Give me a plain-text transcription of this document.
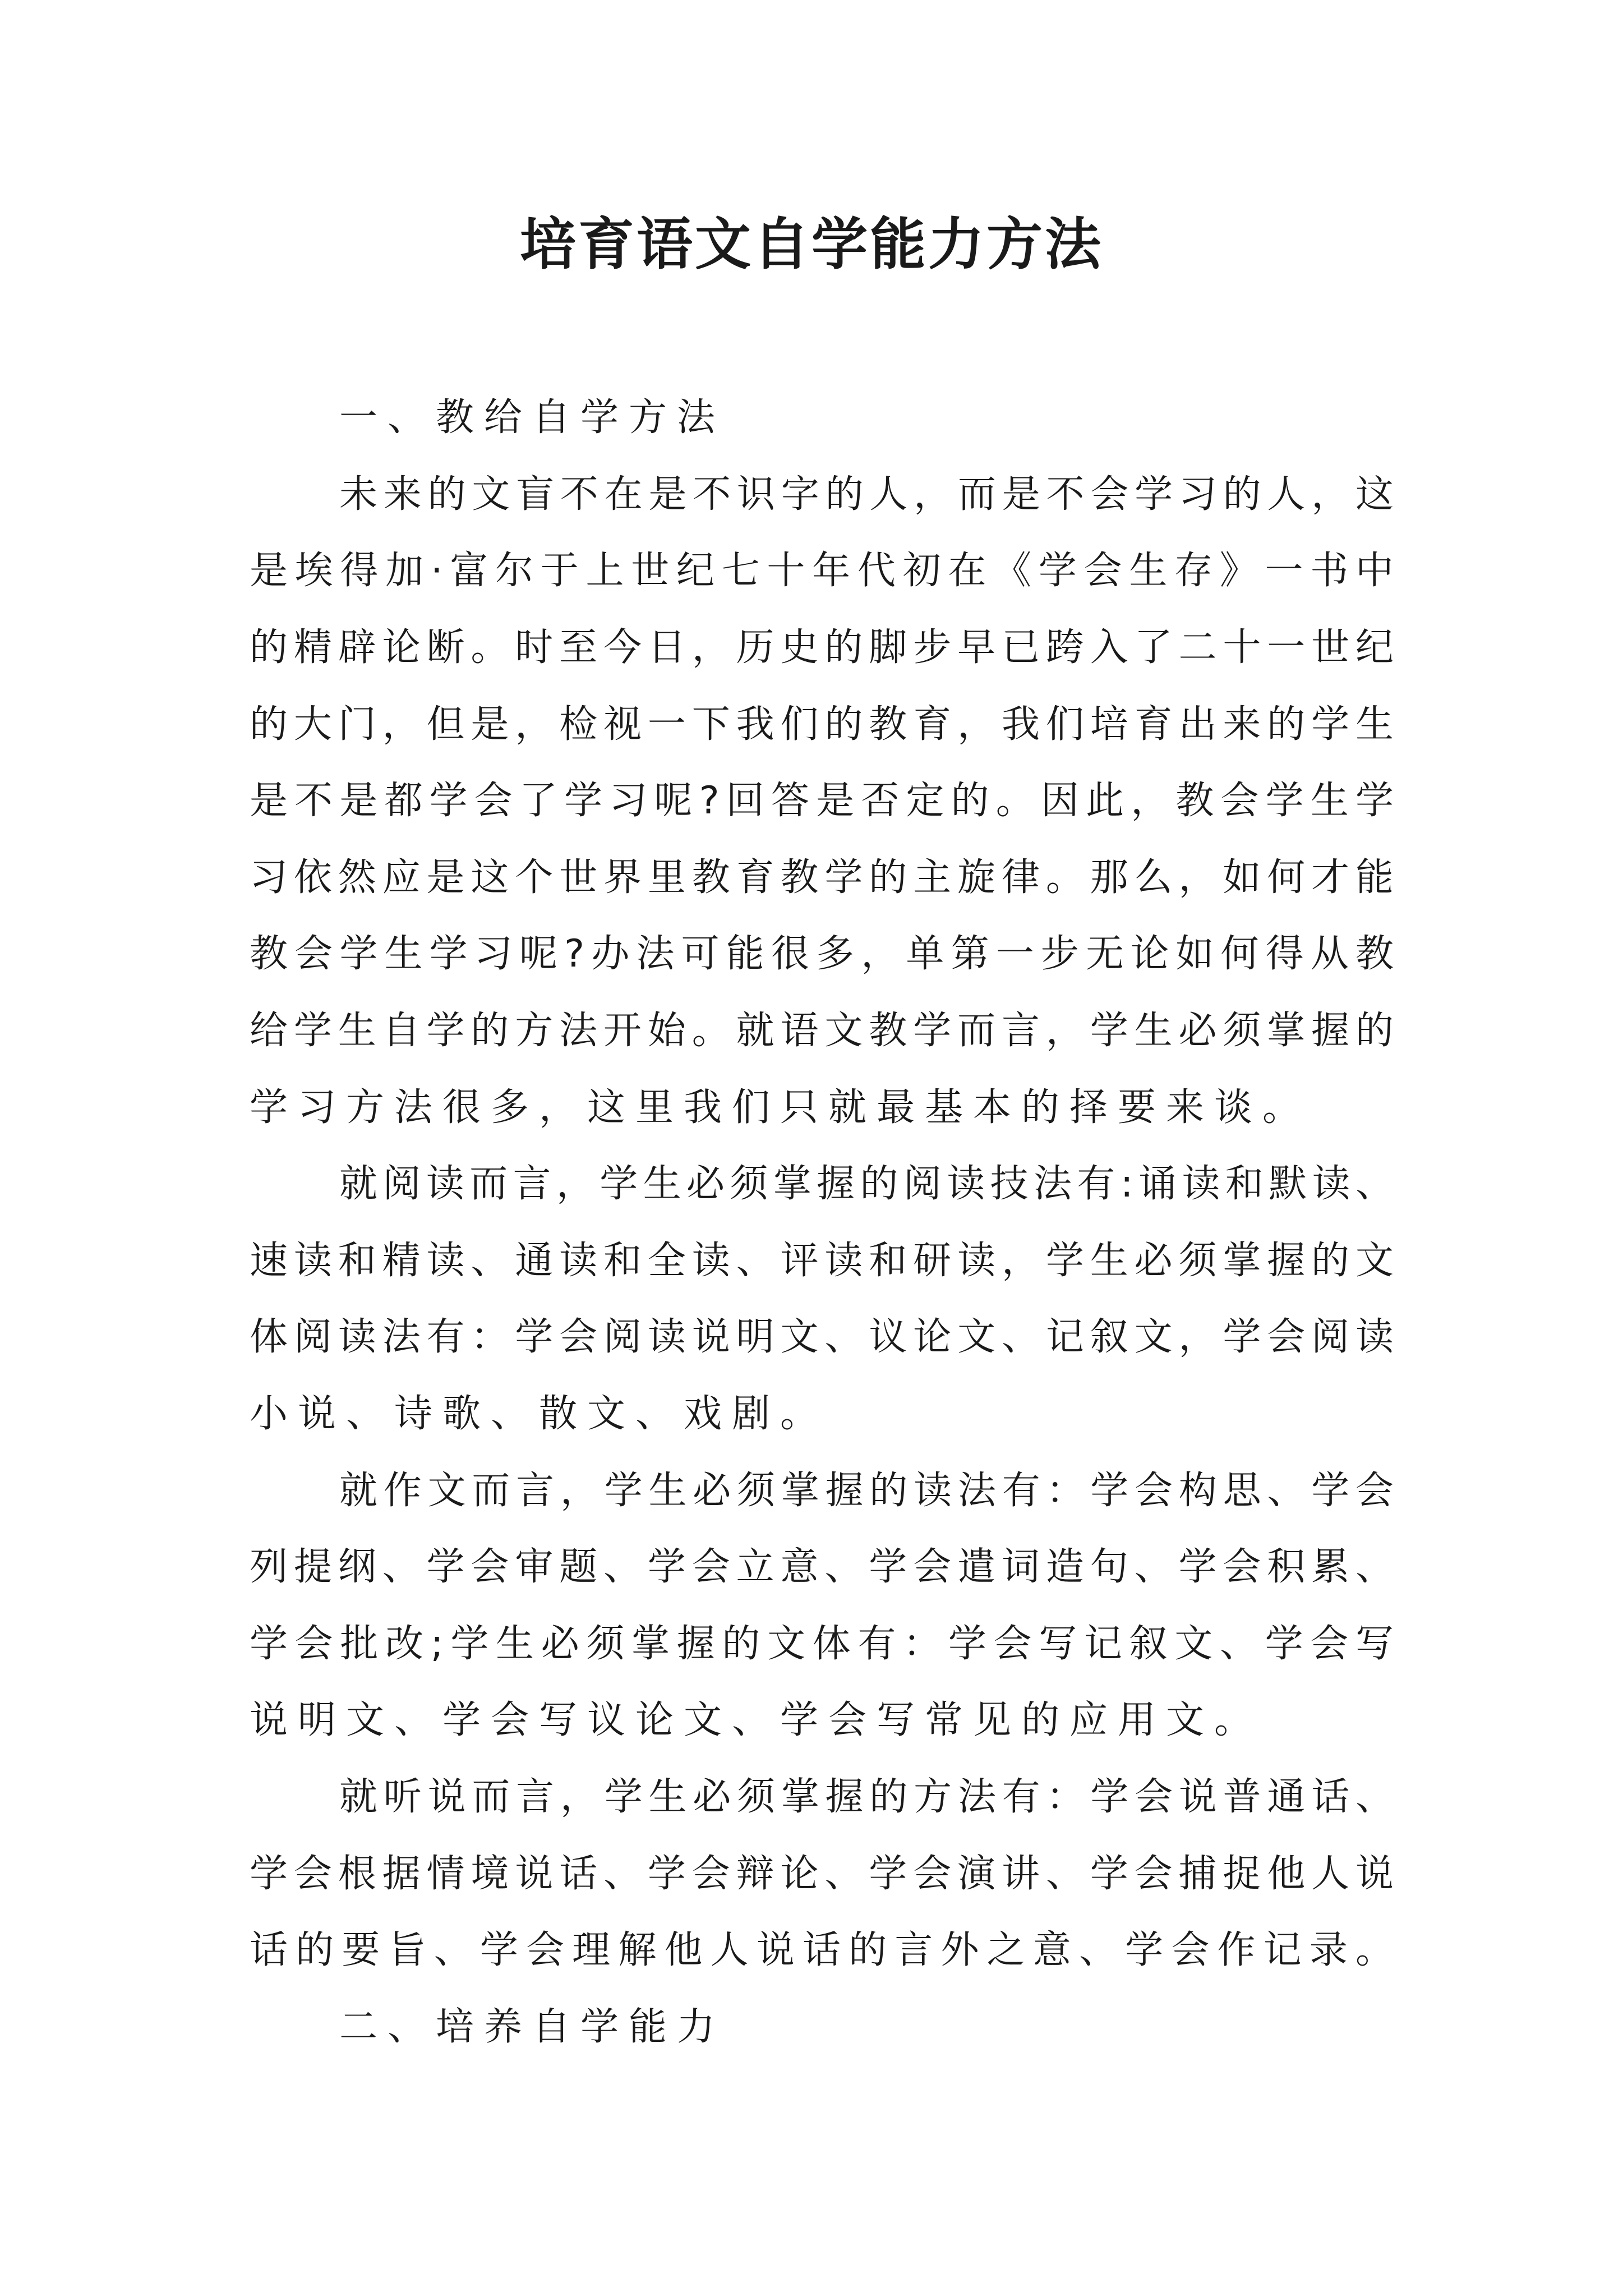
培育语文自学能力方法

一、教给自学方法

未来的文盲不在是不识字的人，而是不会学习的人，这

是埃得加·富尔于上世纪七十年代初在《学会生存》一书中

的精辟论断。时至今日，历史的脚步早已跨入了二十一世纪

的大门，但是，检视一下我们的教育，我们培育出来的学生

是不是都学会了学习呢?回答是否定的。因此，教会学生学

习依然应是这个世界里教育教学的主旋律。那么，如何才能

教会学生学习呢?办法可能很多，单第一步无论如何得从教

给学生自学的方法开始。就语文教学而言，学生必须掌握的

学习方法很多，这里我们只就最基本的择要来谈。

就阅读而言，学生必须掌握的阅读技法有:诵读和默读、

速读和精读、通读和全读、评读和研读，学生必须掌握的文

体阅读法有：学会阅读说明文、议论文、记叙文，学会阅读

小说、诗歌、散文、戏剧。

就作文而言，学生必须掌握的读法有：学会构思、学会

列提纲、学会审题、学会立意、学会遣词造句、学会积累、

学会批改;学生必须掌握的文体有：学会写记叙文、学会写

说明文、学会写议论文、学会写常见的应用文。

就听说而言，学生必须掌握的方法有：学会说普通话、

学会根据情境说话、学会辩论、学会演讲、学会捕捉他人说

话的要旨、学会理解他人说话的言外之意、学会作记录。

二、培养自学能力
